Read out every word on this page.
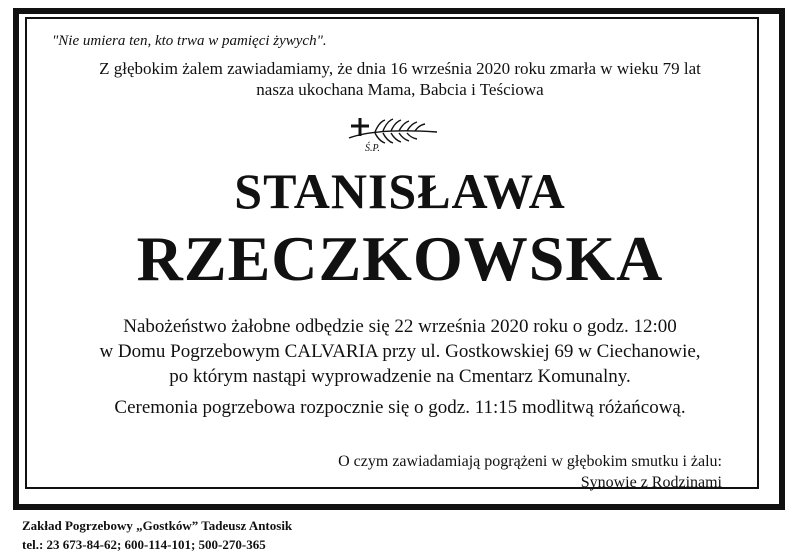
"Nie umiera ten, kto trwa w pamięci żywych".
Z głębokim żalem zawiadamiamy, że dnia 16 września 2020 roku zmarła w wieku 79 lat
nasza ukochana Mama, Babcia i Teściowa
Ś.P.
STANISŁAWA
RZECZKOWSKA
Nabożeństwo żałobne odbędzie się 22 września 2020 roku o godz. 12:00
w Domu Pogrzebowym CALVARIA przy ul. Gostkowskiej 69 w Ciechanowie,
po którym nastąpi wyprowadzenie na Cmentarz Komunalny.
Ceremonia pogrzebowa rozpocznie się o godz. 11:15 modlitwą różańcową.
O czym zawiadamiają pogrążeni w głębokim smutku i żalu:
Synowie z Rodzinami
Zakład Pogrzebowy „Gostków” Tadeusz Antosik
tel.: 23 673-84-62; 600-114-101; 500-270-365
